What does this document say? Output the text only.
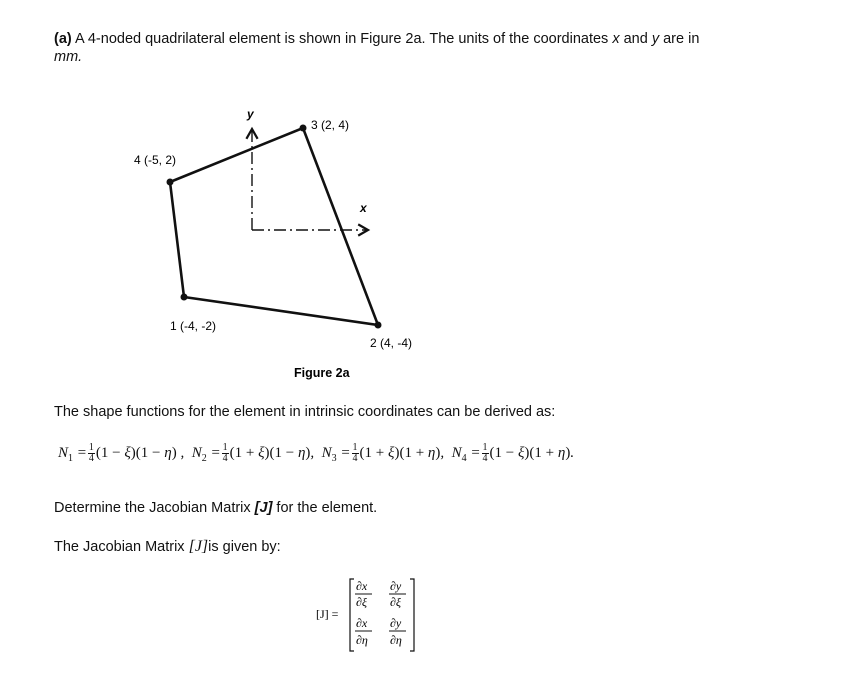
(a) A 4-noded quadrilateral element is shown in Figure 2a. The units of the coordinates x and y are in
mm.
y
x
3 (2, 4)
4 (-5, 2)
1 (-4, -2)
2 (4, -4)
Figure 2a
The shape functions for the element in intrinsic coordinates can be derived as:
$N_1 = \frac{1}{4} (1 - \xi)(1 - \eta)$ ,  $N_2 = \frac{1}{4} (1 + \xi)(1 - \eta)$,  $N_3 = \frac{1}{4} (1 + \xi)(1 + \eta)$,  $N_4 = \frac{1}{4} (1 - \xi)(1 + \eta)$.
Determine the Jacobian Matrix [J] for the element.
The Jacobian Matrix [J]is given by:
[J] =
∂x
∂ξ
∂y
∂ξ
∂x
∂η
∂y
∂η
